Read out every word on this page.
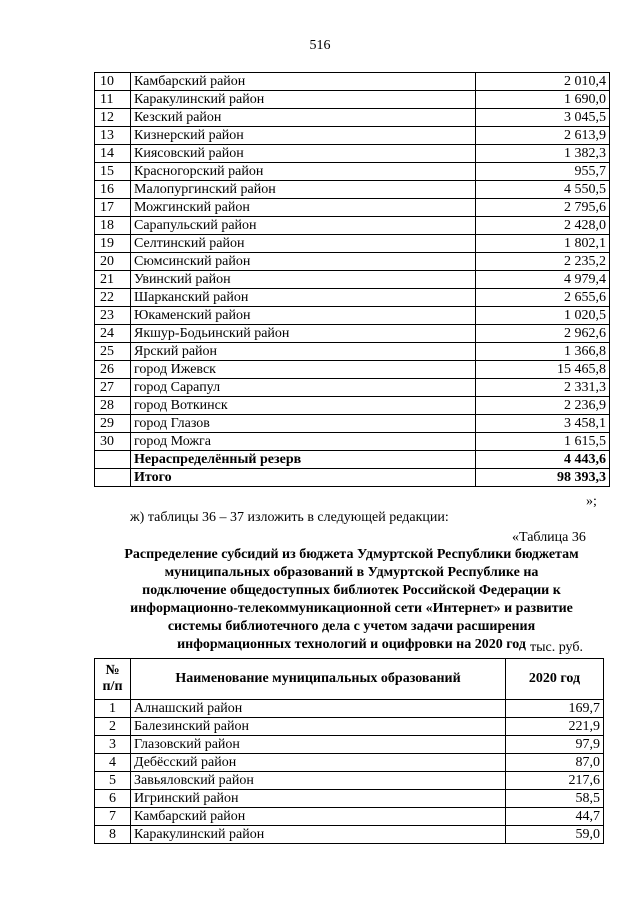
516
10	Камбарский район	2 010,4
11	Каракулинский район	1 690,0
12	Кезский район	3 045,5
13	Кизнерский район	2 613,9
14	Киясовский район	1 382,3
15	Красногорский район	955,7
16	Малопургинский район	4 550,5
17	Можгинский район	2 795,6
18	Сарапульский район	2 428,0
19	Селтинский район	1 802,1
20	Сюмсинский район	2 235,2
21	Увинский район	4 979,4
22	Шарканский район	2 655,6
23	Юкаменский район	1 020,5
24	Якшур-Бодьинский район	2 962,6
25	Ярский район	1 366,8
26	город Ижевск	15 465,8
27	город Сарапул	2 331,3
28	город Воткинск	2 236,9
29	город Глазов	3 458,1
30	город Можга	1 615,5
	Нераспределённый резерв	4 443,6
	Итого	98 393,3
»;
ж) таблицы 36 – 37 изложить в следующей редакции:
«Таблица 36
Распределение субсидий из бюджета Удмуртской Республики бюджетам
муниципальных образований в Удмуртской Республике на
подключение общедоступных библиотек Российской Федерации к
информационно-телекоммуникационной сети «Интернет» и развитие
системы библиотечного дела с учетом задачи расширения
информационных технологий и оцифровки на 2020 год тыс. руб.
№
п/п	Наименование муниципальных образований	2020 год
1	Алнашский район	169,7
2	Балезинский район	221,9
3	Глазовский район	97,9
4	Дебёсский район	87,0
5	Завьяловский район	217,6
6	Игринский район	58,5
7	Камбарский район	44,7
8	Каракулинский район	59,0
